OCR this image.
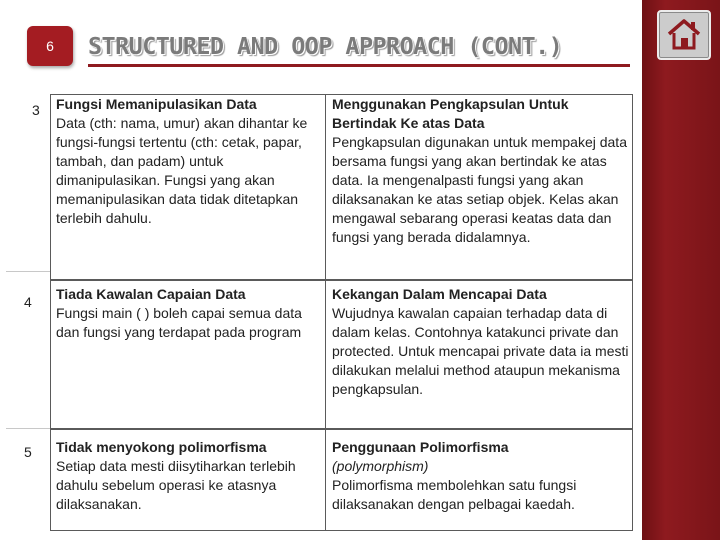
6 STRUCTURED AND OOP APPROACH (CONT.)
3 Fungsi Memanipulasikan Data
Data (cth: nama, umur) akan dihantar ke fungsi-fungsi tertentu (cth: cetak, papar, tambah, dan padam) untuk dimanipulasikan. Fungsi yang akan memanipulasikan data tidak ditetapkan terlebih dahulu.
Menggunakan Pengkapsulan Untuk Bertindak Ke atas Data
Pengkapsulan digunakan untuk mempakej data bersama fungsi yang akan bertindak ke atas data. Ia mengenalpasti fungsi yang akan dilaksanakan ke atas setiap objek. Kelas akan mengawal sebarang operasi keatas data dan fungsi yang berada didalamnya.
4 Tiada Kawalan Capaian Data
Fungsi main ( ) boleh capai semua data dan fungsi yang terdapat pada program
Kekangan Dalam Mencapai Data
Wujudnya kawalan capaian terhadap data di dalam kelas. Contohnya katakunci private dan protected. Untuk mencapai private data ia mesti dilakukan melalui method ataupun mekanisma pengkapsulan.
5 Tidak menyokong polimorfisma
Setiap data mesti diisytiharkan terlebih dahulu sebelum operasi ke atasnya dilaksanakan.
Penggunaan Polimorfisma
(polymorphism)
Polimorfisma membolehkan satu fungsi dilaksanakan dengan pelbagai kaedah.
